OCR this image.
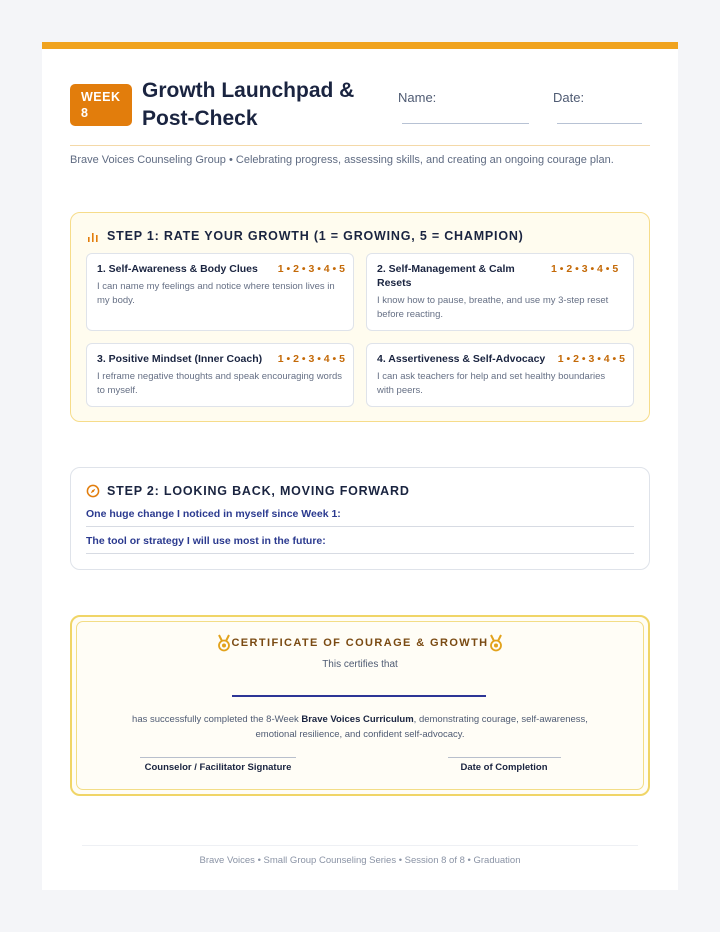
WEEK 8
Growth Launchpad & Post-Check
Name:	Date:
Brave Voices Counseling Group • Celebrating progress, assessing skills, and creating an ongoing courage plan.
STEP 1: RATE YOUR GROWTH (1 = GROWING, 5 = CHAMPION)
1. Self-Awareness & Body Clues	1 • 2 • 3 • 4 • 5
I can name my feelings and notice where tension lives in my body.
2. Self-Management & Calm Resets
1 • 2 • 3 • 4 • 5
I know how to pause, breathe, and use my 3-step reset before reacting.
3. Positive Mindset (Inner Coach)	1 • 2 • 3 • 4 • 5
I reframe negative thoughts and speak encouraging words to myself.
4. Assertiveness & Self-Advocacy	1 • 2 • 3 • 4 • 5
I can ask teachers for help and set healthy boundaries with peers.
STEP 2: LOOKING BACK, MOVING FORWARD
One huge change I noticed in myself since Week 1:
The tool or strategy I will use most in the future:
CERTIFICATE OF COURAGE & GROWTH
This certifies that
has successfully completed the 8-Week Brave Voices Curriculum, demonstrating courage, self-awareness, emotional resilience, and confident self-advocacy.
Counselor / Facilitator Signature	Date of Completion
Brave Voices • Small Group Counseling Series • Session 8 of 8 • Graduation
